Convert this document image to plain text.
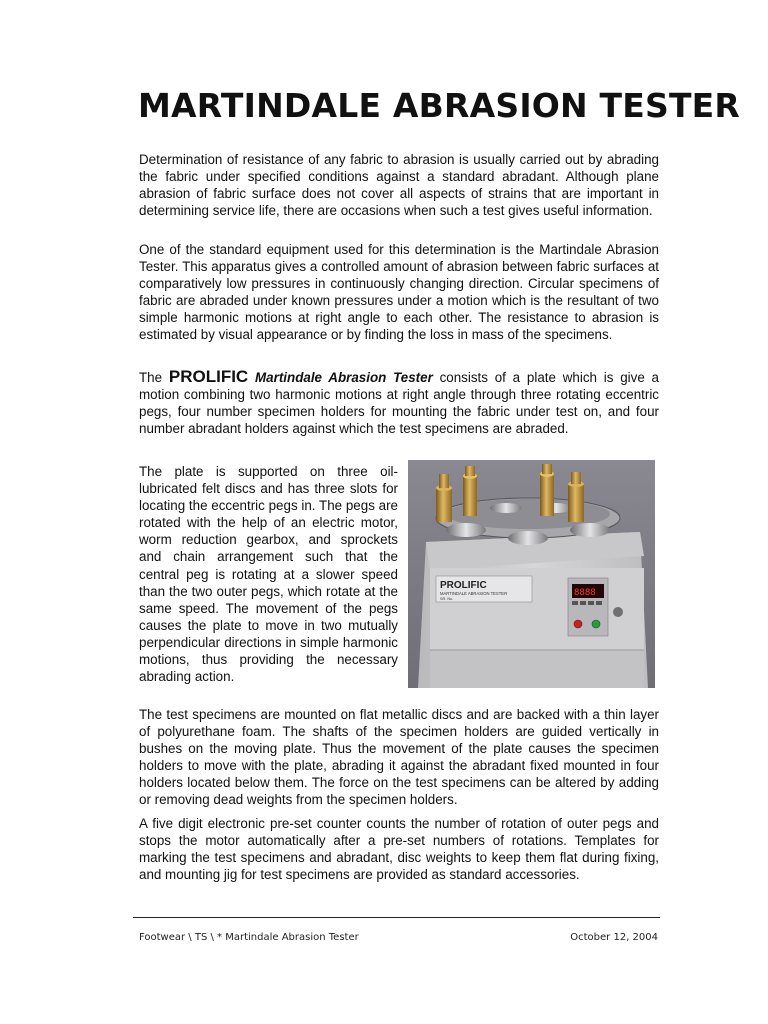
MARTINDALE ABRASION TESTER

Determination of resistance of any fabric to abrasion is usually carried out by abrading the fabric under specified conditions against a standard abradant. Although plane abrasion of fabric surface does not cover all aspects of strains that are important in determining service life, there are occasions when such a test gives useful information.

One of the standard equipment used for this determination is the Martindale Abrasion Tester. This apparatus gives a controlled amount of abrasion between fabric surfaces at comparatively low pressures in continuously changing direction. Circular specimens of fabric are abraded under known pressures under a motion which is the resultant of two simple harmonic motions at right angle to each other. The resistance to abrasion is estimated by visual appearance or by finding the loss in mass of the specimens.

The PROLIFIC Martindale Abrasion Tester consists of a plate which is give a motion combining two harmonic motions at right angle through three rotating eccentric pegs, four number specimen holders for mounting the fabric under test on, and four number abradant holders against which the test specimens are abraded.

The plate is supported on three oil-lubricated felt discs and has three slots for locating the eccentric pegs in. The pegs are rotated with the help of an electric motor, worm reduction gearbox, and sprockets and chain arrangement such that the central peg is rotating at a slower speed than the two outer pegs, which rotate at the same speed. The movement of the pegs causes the plate to move in two mutually perpendicular directions in simple harmonic motions, thus providing the necessary abrading action.

PROLIFIC
MARTINDALE ABRASION TESTER
SR. No.
8888

The test specimens are mounted on flat metallic discs and are backed with a thin layer of polyurethane foam. The shafts of the specimen holders are guided vertically in bushes on the moving plate. Thus the movement of the plate causes the specimen holders to move with the plate, abrading it against the abradant fixed mounted in four holders located below them. The force on the test specimens can be altered by adding or removing dead weights from the specimen holders.

A five digit electronic pre-set counter counts the number of rotation of outer pegs and stops the motor automatically after a pre-set numbers of rotations. Templates for marking the test specimens and abradant, disc weights to keep them flat during fixing, and mounting jig for test specimens are provided as standard accessories.

Footwear \ TS \ * Martindale Abrasion Tester	October 12, 2004
